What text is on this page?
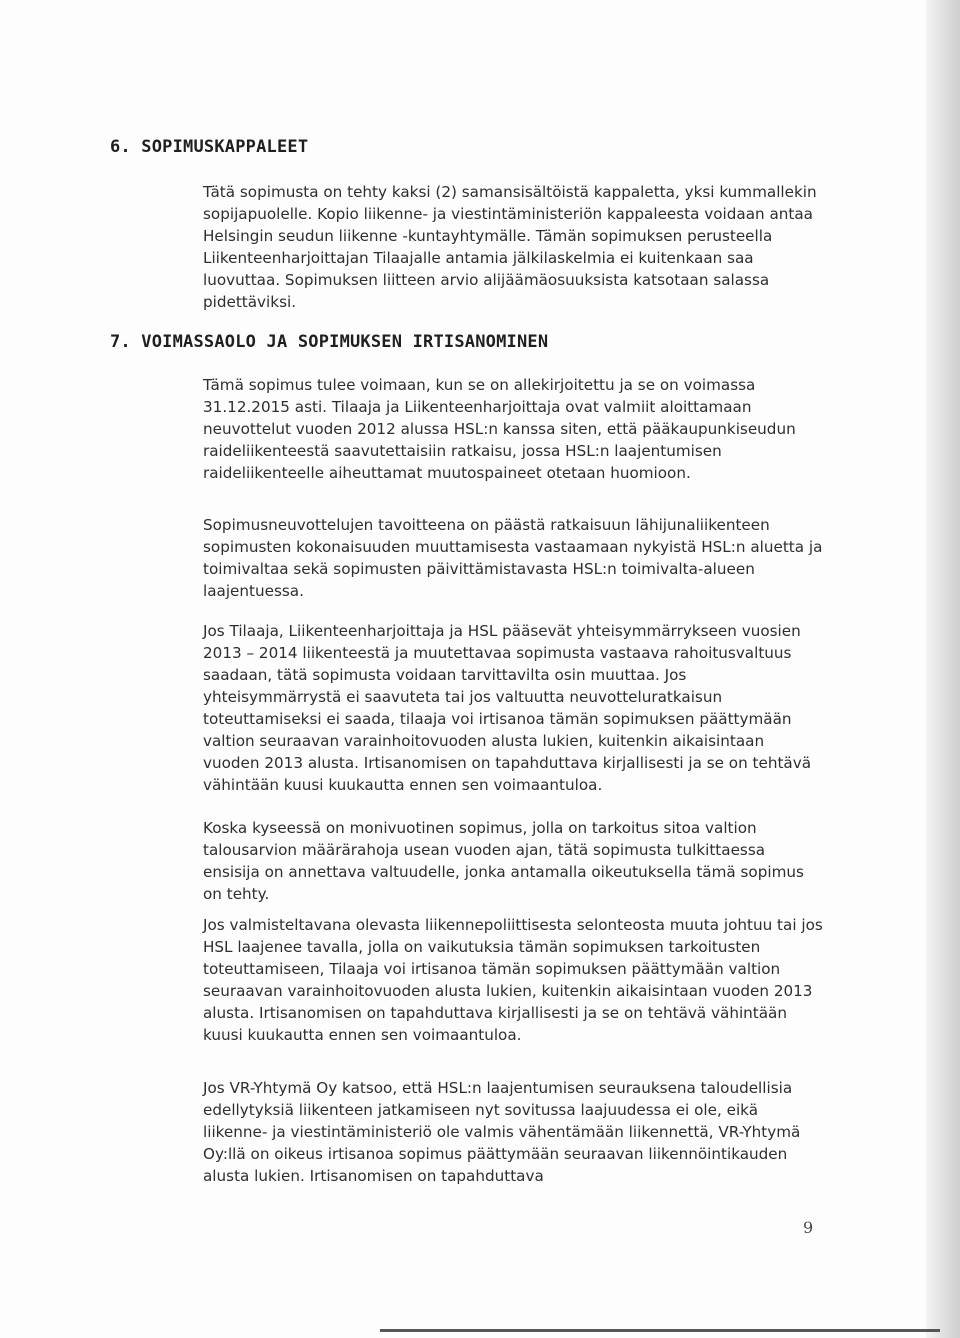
6. SOPIMUSKAPPALEET

Tätä sopimusta on tehty kaksi (2) samansisältöistä kappaletta, yksi kummallekin sopijapuolelle. Kopio liikenne- ja viestintäministeriön kappaleesta voidaan antaa Helsingin seudun liikenne -kuntayhtymälle. Tämän sopimuksen perusteella Liikenteenharjoittajan Tilaajalle antamia jälkilaskelmia ei kuitenkaan saa luovuttaa. Sopimuksen liitteen arvio alijäämäosuuksista katsotaan salassa pidettäviksi.

7. VOIMASSAOLO JA SOPIMUKSEN IRTISANOMINEN

Tämä sopimus tulee voimaan, kun se on allekirjoitettu ja se on voimassa 31.12.2015 asti. Tilaaja ja Liikenteenharjoittaja ovat valmiit aloittamaan neuvottelut vuoden 2012 alussa HSL:n kanssa siten, että pääkaupunkiseudun raideliikenteestä saavutettaisiin ratkaisu, jossa HSL:n laajentumisen raideliikenteelle aiheuttamat muutospaineet otetaan huomioon.

Sopimusneuvottelujen tavoitteena on päästä ratkaisuun lähijunaliikenteen sopimusten kokonaisuuden muuttamisesta vastaamaan nykyistä HSL:n aluetta ja toimivaltaa sekä sopimusten päivittämistavasta HSL:n toimivalta-alueen laajentuessa.

Jos Tilaaja, Liikenteenharjoittaja ja HSL pääsevät yhteisymmärrykseen vuosien 2013 – 2014 liikenteestä ja muutettavaa sopimusta vastaava rahoitusvaltuus saadaan, tätä sopimusta voidaan tarvittavilta osin muuttaa. Jos yhteisymmärrystä ei saavuteta tai jos valtuutta neuvotteluratkaisun toteuttamiseksi ei saada, tilaaja voi irtisanoa tämän sopimuksen päättymään valtion seuraavan varainhoitovuoden alusta lukien, kuitenkin aikaisintaan vuoden 2013 alusta. Irtisanomisen on tapahduttava kirjallisesti ja se on tehtävä vähintään kuusi kuukautta ennen sen voimaantuloa.

Koska kyseessä on monivuotinen sopimus, jolla on tarkoitus sitoa valtion talousarvion määrärahoja usean vuoden ajan, tätä sopimusta tulkittaessa ensisija on annettava valtuudelle, jonka antamalla oikeutuksella tämä sopimus on tehty.

Jos valmisteltavana olevasta liikennepoliittisesta selonteosta muuta johtuu tai jos HSL laajenee tavalla, jolla on vaikutuksia tämän sopimuksen tarkoitusten toteuttamiseen, Tilaaja voi irtisanoa tämän sopimuksen päättymään valtion seuraavan varainhoitovuoden alusta lukien, kuitenkin aikaisintaan vuoden 2013 alusta. Irtisanomisen on tapahduttava kirjallisesti ja se on tehtävä vähintään kuusi kuukautta ennen sen voimaantuloa.

Jos VR-Yhtymä Oy katsoo, että HSL:n laajentumisen seurauksena taloudellisia edellytyksiä liikenteen jatkamiseen nyt sovitussa laajuudessa ei ole, eikä liikenne- ja viestintäministeriö ole valmis vähentämään liikennettä, VR-Yhtymä Oy:llä on oikeus irtisanoa sopimus päättymään seuraavan liikennöintikauden alusta lukien. Irtisanomisen on tapahduttava

9
